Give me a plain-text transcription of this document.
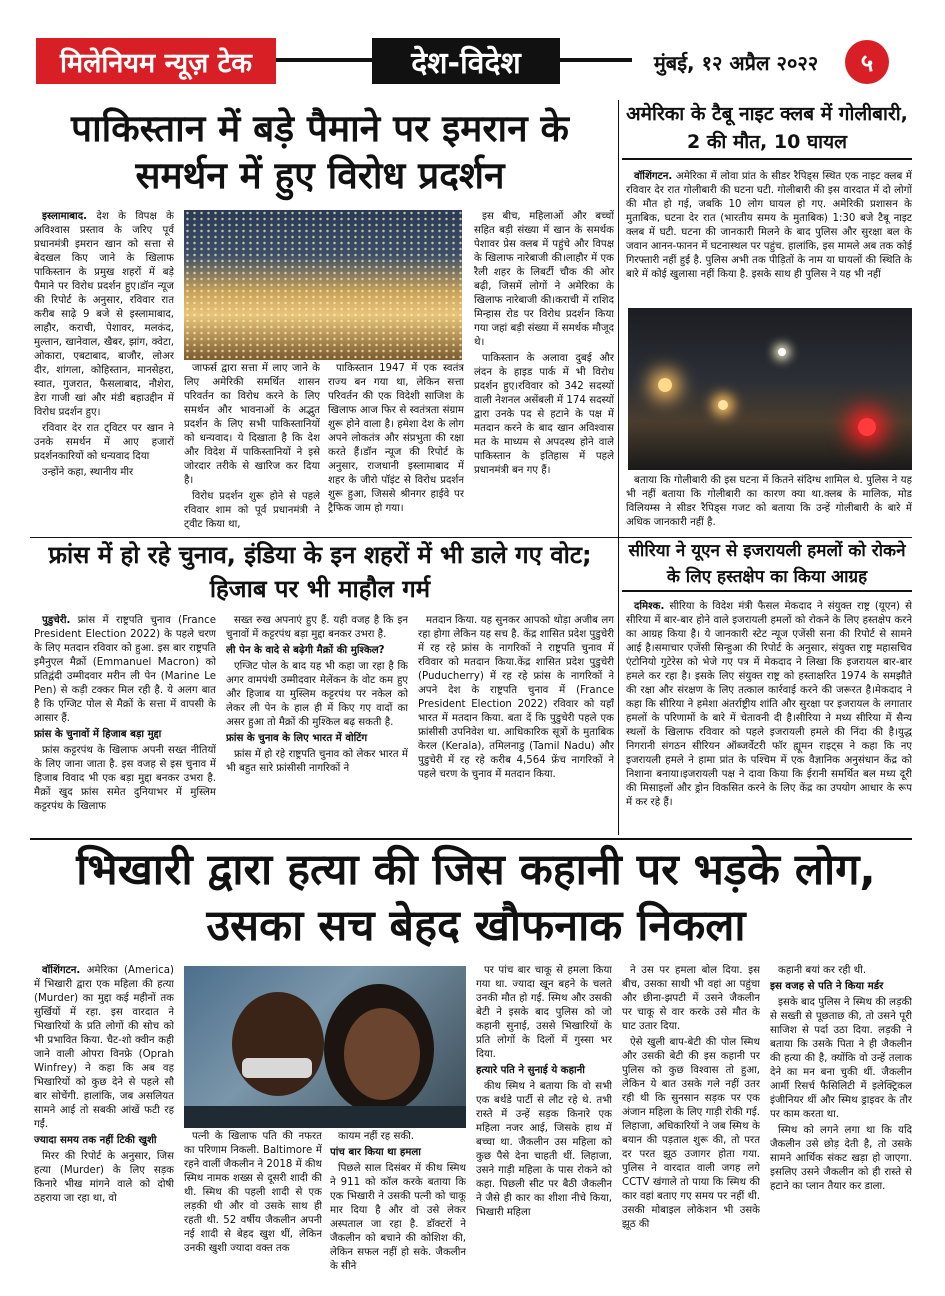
मिलेनियम न्यूज़ टेक	देश-विदेश	मुंबई, १२ अप्रैल २०२२	५
पाकिस्तान में बड़े पैमाने पर इमरान के समर्थन में हुए विरोध प्रदर्शन

इस्लामाबाद. देश के विपक्ष के अविश्वास प्रस्ताव के जरिए पूर्व प्रधानमंत्री इमरान खान को सत्ता से बेदखल किए जाने के खिलाफ पाकिस्तान के प्रमुख शहरों में बड़े पैमाने पर विरोध प्रदर्शन हुए।डॉन न्यूज की रिपोर्ट के अनुसार, रविवार रात करीब साढ़े 9 बजे से इस्लामाबाद, लाहौर, कराची, पेशावर, मलकंद, मुल्तान, खानेवाल, खैबर, झांग, क्वेटा, ओकारा, एबटाबाद, बाजौर, लोअर दीर, शांगला, कोहिस्तान, मानसेहरा, स्वात, गुजरात, फैसलाबाद, नौशेरा, डेरा गाजी खां और मंडी बहाउद्दीन में विरोध प्रदर्शन हुए।

रविवार देर रात ट्विटर पर खान ने उनके समर्थन में आए हजारों प्रदर्शनकारियों को धन्यवाद दिया

उन्होंने कहा, स्थानीय मीर

जाफर्स द्वारा सत्ता में लाए जाने के लिए अमेरिकी समर्थित शासन परिवर्तन का विरोध करने के लिए समर्थन और भावनाओं के अद्भुत प्रदर्शन के लिए सभी पाकिस्तानियों को धन्यवाद। ये दिखाता है कि देश और विदेश में पाकिस्तानियों ने इसे जोरदार तरीके से खारिज कर दिया है।

विरोध प्रदर्शन शुरू होने से पहले रविवार शाम को पूर्व प्रधानमंत्री ने ट्वीट किया था,

पाकिस्तान 1947 में एक स्वतंत्र राज्य बन गया था, लेकिन सत्ता परिवर्तन की एक विदेशी साजिश के खिलाफ आज फिर से स्वतंत्रता संग्राम शुरू होने वाला है। हमेशा देश के लोग अपने लोकतंत्र और संप्रभुता की रक्षा करते हैं।डॉन न्यूज की रिपोर्ट के अनुसार, राजधानी इस्लामाबाद में शहर के जीरो पॉइंट से विरोध प्रदर्शन शुरू हुआ, जिससे श्रीनगर हाईवे पर ट्रैफिक जाम हो गया।

इस बीच, महिलाओं और बच्चों सहित बड़ी संख्या में खान के समर्थक पेशावर प्रेस क्लब में पहुंचे और विपक्ष के खिलाफ नारेबाजी की।लाहौर में एक रैली शहर के लिबर्टी चौक की ओर बढ़ी, जिसमें लोगों ने अमेरिका के खिलाफ नारेबाजी की।कराची में राशिद मिन्हास रोड पर विरोध प्रदर्शन किया गया जहां बड़ी संख्या में समर्थक मौजूद थे।

पाकिस्तान के अलावा दुबई और लंदन के हाइड पार्क में भी विरोध प्रदर्शन हुए।रविवार को 342 सदस्यों वाली नेशनल असेंबली में 174 सदस्यों द्वारा उनके पद से हटाने के पक्ष में मतदान करने के बाद खान अविश्वास मत के माध्यम से अपदस्थ होने वाले पाकिस्तान के इतिहास में पहले प्रधानमंत्री बन गए हैं।

अमेरिका के टैबू नाइट क्लब में गोलीबारी, 2 की मौत, 10 घायल

वॉशिंगटन. अमेरिका में लोवा प्रांत के सीडर रैपिड्स स्थित एक नाइट क्लब में रविवार देर रात गोलीबारी की घटना घटी. गोलीबारी की इस वारदात में दो लोगों की मौत हो गई, जबकि 10 लोग घायल हो गए. अमेरिकी प्रशासन के मुताबिक, घटना देर रात (भारतीय समय के मुताबिक) 1:30 बजे टैबू नाइट क्लब में घटी. घटना की जानकारी मिलने के बाद पुलिस और सुरक्षा बल के जवान आनन-फानन में घटनास्थल पर पहुंच. हालांकि, इस मामले अब तक कोई गिरफ्तारी नहीं हुई है. पुलिस अभी तक पीड़ितों के नाम या घायलों की स्थिति के बारे में कोई खुलासा नहीं किया है. इसके साथ ही पुलिस ने यह भी नहीं

बताया कि गोलीबारी की इस घटना में कितने संदिग्ध शामिल थे. पुलिस ने यह भी नहीं बताया कि गोलीबारी का कारण क्या था.क्लब के मालिक, मोड विलियम्स ने सीडर रैपिड्स गजट को बताया कि उन्हें गोलीबारी के बारे में अधिक जानकारी नहीं है.

फ्रांस में हो रहे चुनाव, इंडिया के इन शहरों में भी डाले गए वोट; हिजाब पर भी माहौल गर्म

पुडुचेरी. फ्रांस में राष्ट्रपति चुनाव (France President Election 2022) के पहले चरण के लिए मतदान रविवार को हुआ. इस बार राष्ट्रपति इमैनुएल मैक्रों (Emmanuel Macron) को प्रतिद्वंदी उम्मीदवार मरीन ली पेन (Marine Le Pen) से कड़ी टक्कर मिल रही है. ये अलग बात है कि एग्जिट पोल से मैक्रों के सत्ता में वापसी के आसार हैं.

फ्रांस के चुनावों में हिजाब बड़ा मुद्दा

फ्रांस कट्टरपंथ के खिलाफ अपनी सख्त नीतियों के लिए जाना जाता है. इस वजह से इस चुनाव में हिजाब विवाद भी एक बड़ा मुद्दा बनकर उभरा है. मैक्रों खुद फ्रांस समेत दुनियाभर में मुस्लिम कट्टरपंथ के खिलाफ

सख्त रुख अपनाएं हुए हैं. यही वजह है कि इन चुनावों में कट्टरपंथ बड़ा मुद्दा बनकर उभरा है.

ली पेन के वादे से बढ़ेगी मैक्रों की मुश्किल?

एग्जिट पोल के बाद यह भी कहा जा रहा है कि अगर वामपंथी उम्मीदवार मेलेंकन के वोट कम हुए और हिजाब या मुस्लिम कट्टरपंथ पर नकेल को लेकर ली पेन के हाल ही में किए गए वादों का असर हुआ तो मैक्रों की मुश्किल बढ़ सकती है.

फ्रांस के चुनाव के लिए भारत में वोटिंग

फ्रांस में हो रहे राष्ट्रपति चुनाव को लेकर भारत में भी बहुत सारे फ्रांसीसी नागरिकों ने

मतदान किया. यह सुनकर आपको थोड़ा अजीब लग रहा होगा लेकिन यह सच है. केंद्र शासित प्रदेश पुडुचेरी में रह रहे फ्रांस के नागरिकों ने राष्ट्रपति चुनाव में रविवार को मतदान किया.केंद्र शासित प्रदेश पुडुचेरी (Puducherry) में रह रहे फ्रांस के नागरिकों ने अपने देश के राष्ट्रपति चुनाव में (France President Election 2022) रविवार को यहाँ भारत में मतदान किया. बता दें कि पुडुचेरी पहले एक फ्रांसीसी उपनिवेश था. आधिकारिक सूत्रों के मुताबिक केरल (Kerala), तमिलनाडु (Tamil Nadu) और पुडुचेरी में रह रहे करीब 4,564 फ्रेंच नागरिकों ने पहले चरण के चुनाव में मतदान किया.

सीरिया ने यूएन से इजरायली हमलों को रोकने के लिए हस्तक्षेप का किया आग्रह

दमिश्क. सीरिया के विदेश मंत्री फैसल मेकदाद ने संयुक्त राष्ट्र (यूएन) से सीरिया में बार-बार होने वाले इजरायली हमलों को रोकने के लिए हस्तक्षेप करने का आग्रह किया है। ये जानकारी स्टेट न्यूज एजेंसी सना की रिपोर्ट से सामने आई है।समाचार एजेंसी सिन्हुआ की रिपोर्ट के अनुसार, संयुक्त राष्ट्र महासचिव एंटोनियो गुटेरेस को भेजे गए पत्र में मेकदाद ने लिखा कि इजरायल बार-बार हमले कर रहा है। इसके लिए संयुक्त राष्ट्र को हस्ताक्षरित 1974 के समझौते की रक्षा और संरक्षण के लिए तत्काल कार्रवाई करने की जरूरत है।मेकदाद ने कहा कि सीरिया ने हमेशा अंतर्राष्ट्रीय शांति और सुरक्षा पर इजरायल के लगातार हमलों के परिणामों के बारे में चेतावनी दी है।सीरिया ने मध्य सीरिया में सैन्य स्थलों के खिलाफ रविवार को पहले इजरायली हमले की निंदा की है।युद्ध निगरानी संगठन सीरियन ऑब्जर्वेटरी फॉर ह्यूमन राइट्स ने कहा कि नए इजरायली हमले ने हामा प्रांत के पश्चिम में एक वैज्ञानिक अनुसंधान केंद्र को निशाना बनाया।इजरायली पक्ष ने दावा किया कि ईरानी समर्थित बल मध्य दूरी की मिसाइलों और ड्रोन विकसित करने के लिए केंद्र का उपयोग आधार के रूप में कर रहे हैं।

भिखारी द्वारा हत्या की जिस कहानी पर भड़के लोग, उसका सच बेहद खौफनाक निकला

वॉशिंगटन. अमेरिका (America) में भिखारी द्वारा एक महिला की हत्या (Murder) का मुद्दा कई महीनों तक सुर्खियों में रहा. इस वारदात ने भिखारियों के प्रति लोगों की सोच को भी प्रभावित किया. चैट-शो क्वीन कही जाने वाली ओपरा विनफ्रे (Oprah Winfrey) ने कहा कि अब वह भिखारियों को कुछ देने से पहले सौ बार सोचेंगी. हालांकि, जब असलियत सामने आई तो सबकी आंखें फटी रह गईं.

ज्यादा समय तक नहीं टिकी खुशी

मिरर की रिपोर्ट के अनुसार, जिस हत्या (Murder) के लिए सड़क किनारे भीख मांगने वाले को दोषी ठहराया जा रहा था, वो

पत्नी के खिलाफ पति की नफरत का परिणाम निकली. Baltimore में रहने वालीं जैकलीन ने 2018 में कीथ स्मिथ नामक शख्स से दूसरी शादी की थी. स्मिथ की पहली शादी से एक लड़की थी और वो उसके साथ ही रहती थी. 52 वर्षीय जैकलीन अपनी नई शादी से बेहद खुश थीं, लेकिन उनकी खुशी ज्यादा वक्त तक

कायम नहीं रह सकी.

पांच बार किया था हमला

पिछले साल दिसंबर में कीथ स्मिथ ने 911 को कॉल करके बताया कि एक भिखारी ने उसकी पत्नी को चाकू मार दिया है और वो उसे लेकर अस्पताल जा रहा है. डॉक्टरों ने जैकलीन को बचाने की कोशिश की, लेकिन सफल नहीं हो सके. जैकलीन के सीने

पर पांच बार चाकू से हमला किया गया था. ज्यादा खून बहने के चलते उनकी मौत हो गई. स्मिथ और उसकी बेटी ने इसके बाद पुलिस को जो कहानी सुनाई, उससे भिखारियों के प्रति लोगों के दिलों में गुस्सा भर दिया.

हत्यारे पति ने सुनाई ये कहानी

कीथ स्मिथ ने बताया कि वो सभी एक बर्थडे पार्टी से लौट रहे थे. तभी रास्ते में उन्हें सड़क किनारे एक महिला नजर आई, जिसके हाथ में बच्चा था. जैकलीन उस महिला को कुछ पैसे देना चाहती थीं. लिहाजा, उसने गाड़ी महिला के पास रोकने को कहा. पिछली सीट पर बैठी जैकलीन ने जैसे ही कार का शीशा नीचे किया, भिखारी महिला

ने उस पर हमला बोल दिया. इस बीच, उसका साथी भी वहां आ पहुंचा और छीना-झपटी में उसने जैकलीन पर चाकू से वार करके उसे मौत के घाट उतार दिया.

ऐसे खुली बाप-बेटी की पोल स्मिथ और उसकी बेटी की इस कहानी पर पुलिस को कुछ विश्वास तो हुआ, लेकिन ये बात उसके गले नहीं उतर रही थी कि सुनसान सड़क पर एक अंजान महिला के लिए गाड़ी रोकी गई. लिहाजा, अधिकारियों ने जब स्मिथ के बयान की पड़ताल शुरू की, तो परत दर परत झूठ उजागर होता गया. पुलिस ने वारदात वाली जगह लगे CCTV खंगाले तो पाया कि स्मिथ की कार वहां बताए गए समय पर नहीं थी. उसकी मोबाइल लोकेशन भी उसके झूठ की

कहानी बयां कर रही थी.

इस वजह से पति ने किया मर्डर

इसके बाद पुलिस ने स्मिथ की लड़की से सख्ती से पूछताछ की, तो उसने पूरी साजिश से पर्दा उठा दिया. लड़की ने बताया कि उसके पिता ने ही जैकलीन की हत्या की है, क्योंकि वो उन्हें तलाक देने का मन बना चुकी थीं. जैकलीन आर्मी रिसर्च फैसिलिटी में इलेक्ट्रिकल इंजीनियर थीं और स्मिथ ड्राइवर के तौर पर काम करता था.

स्मिथ को लगने लगा था कि यदि जैकलीन उसे छोड़ देती है, तो उसके सामने आर्थिक संकट खड़ा हो जाएगा. इसलिए उसने जैकलीन को ही रास्ते से हटाने का प्लान तैयार कर डाला.
